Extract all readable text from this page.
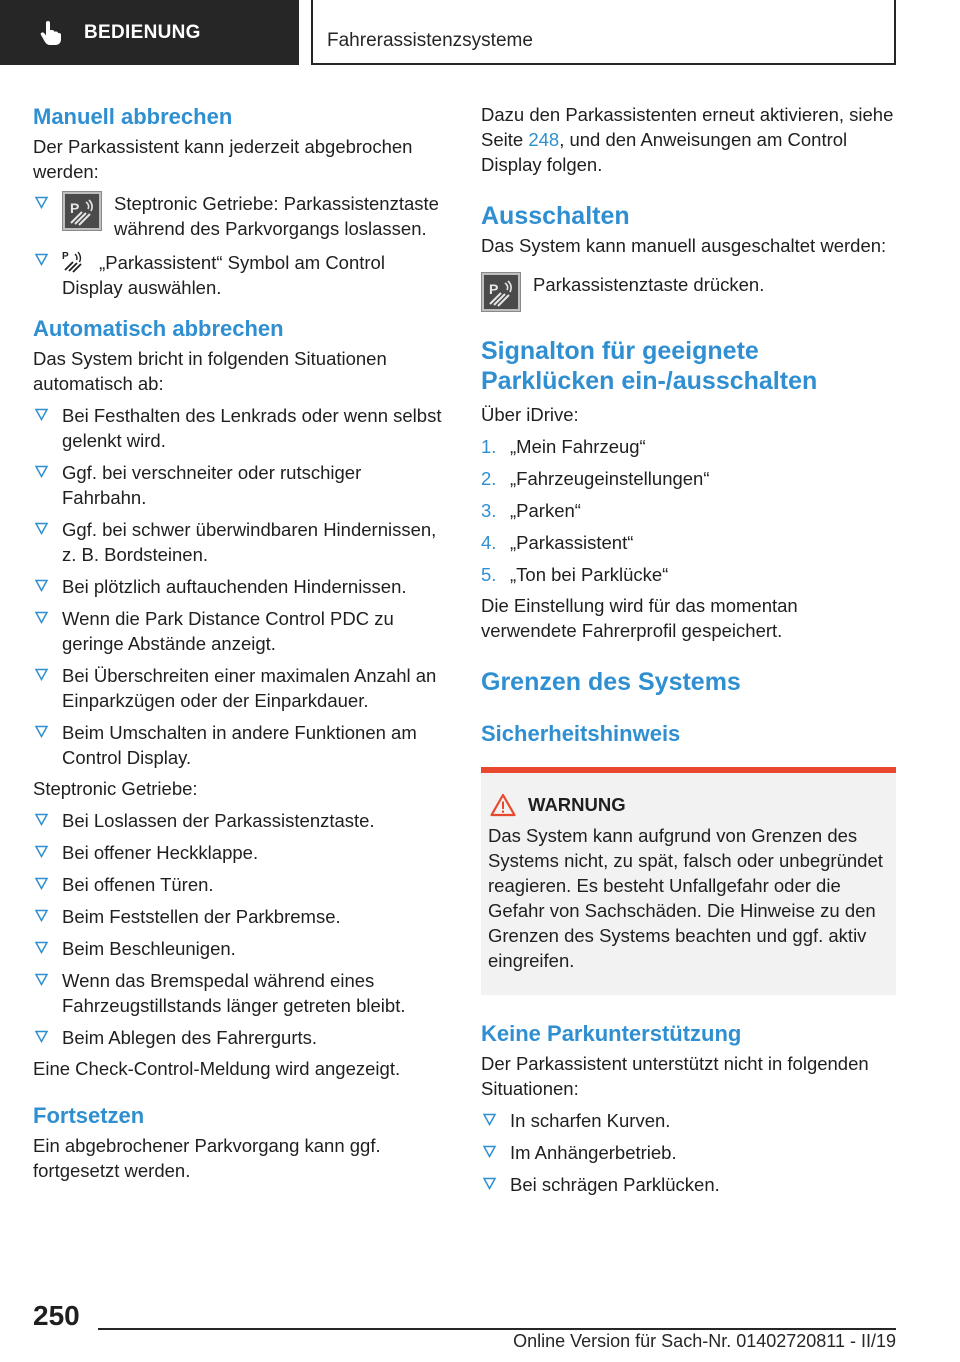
BEDIENUNG	Fahrerassistenzsysteme
Manuell abbrechen
Der Parkassistent kann jederzeit abgebrochen werden:
P Steptronic Getriebe: Parkassistenztaste während des Parkvorgangs loslassen.
P „Parkassistent“ Symbol am Control Display auswählen.
Automatisch abbrechen
Das System bricht in folgenden Situationen automatisch ab:
Bei Festhalten des Lenkrads oder wenn selbst gelenkt wird.
Ggf. bei verschneiter oder rutschiger Fahrbahn.
Ggf. bei schwer überwindbaren Hindernissen, z. B. Bordsteinen.
Bei plötzlich auftauchenden Hindernissen.
Wenn die Park Distance Control PDC zu geringe Abstände anzeigt.
Bei Überschreiten einer maximalen Anzahl an Einparkzügen oder der Einparkdauer.
Beim Umschalten in andere Funktionen am Control Display.
Steptronic Getriebe:
Bei Loslassen der Parkassistenztaste.
Bei offener Heckklappe.
Bei offenen Türen.
Beim Feststellen der Parkbremse.
Beim Beschleunigen.
Wenn das Bremspedal während eines Fahrzeugstillstands länger getreten bleibt.
Beim Ablegen des Fahrergurts.
Eine Check-Control-Meldung wird angezeigt.
Fortsetzen
Ein abgebrochener Parkvorgang kann ggf. fortgesetzt werden.
Dazu den Parkassistenten erneut aktivieren, siehe Seite 248, und den Anweisungen am Control Display folgen.
Ausschalten
Das System kann manuell ausgeschaltet werden:
P Parkassistenztaste drücken.
Signalton für geeignete Parklücken ein-/ausschalten
Über iDrive:
1. „Mein Fahrzeug“
2. „Fahrzeugeinstellungen“
3. „Parken“
4. „Parkassistent“
5. „Ton bei Parklücke“
Die Einstellung wird für das momentan verwendete Fahrerprofil gespeichert.
Grenzen des Systems
Sicherheitshinweis
WARNUNG
Das System kann aufgrund von Grenzen des Systems nicht, zu spät, falsch oder unbegründet reagieren. Es besteht Unfallgefahr oder die Gefahr von Sachschäden. Die Hinweise zu den Grenzen des Systems beachten und ggf. aktiv eingreifen.
Keine Parkunterstützung
Der Parkassistent unterstützt nicht in folgenden Situationen:
In scharfen Kurven.
Im Anhängerbetrieb.
Bei schrägen Parklücken.
250
Online Version für Sach-Nr. 01402720811 - II/19
